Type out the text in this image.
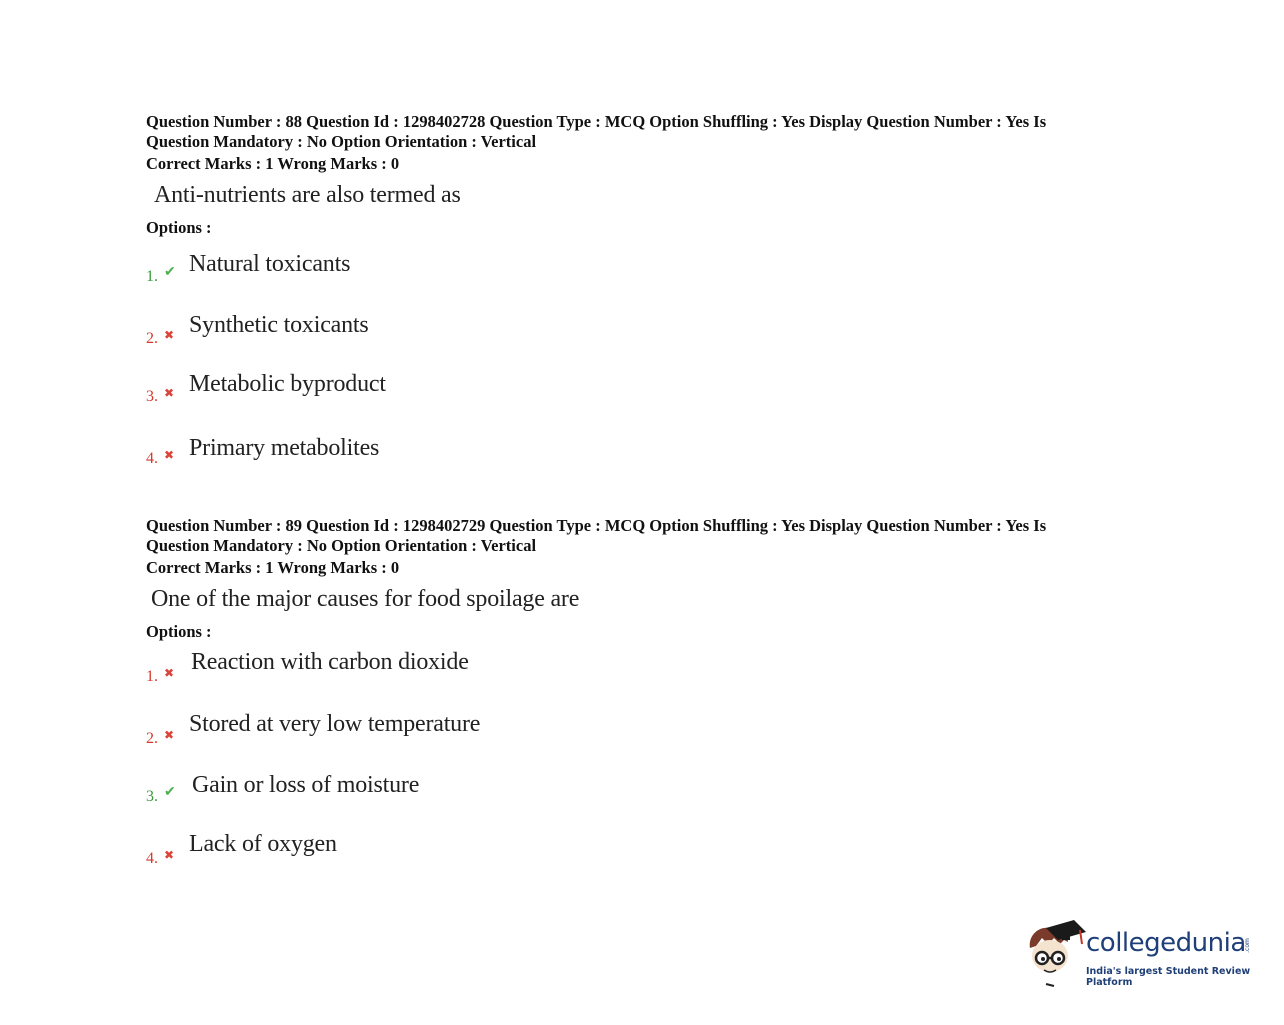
Question Number : 88 Question Id : 1298402728 Question Type : MCQ Option Shuffling : Yes Display Question Number : Yes Is
Question Mandatory : No Option Orientation : Vertical

Correct Marks : 1 Wrong Marks : 0
Anti-nutrients are also termed as
Options :
1. ✔ Natural toxicants
2. ✖ Synthetic toxicants
3. ✖ Metabolic byproduct
4. ✖ Primary metabolites

Question Number : 89 Question Id : 1298402729 Question Type : MCQ Option Shuffling : Yes Display Question Number : Yes Is
Question Mandatory : No Option Orientation : Vertical

Correct Marks : 1 Wrong Marks : 0
One of the major causes for food spoilage are
Options :
1. ✖ Reaction with carbon dioxide
2. ✖ Stored at very low temperature
3. ✔ Gain or loss of moisture
4. ✖ Lack of oxygen
collegedunia
.com
India's largest Student Review Platform
